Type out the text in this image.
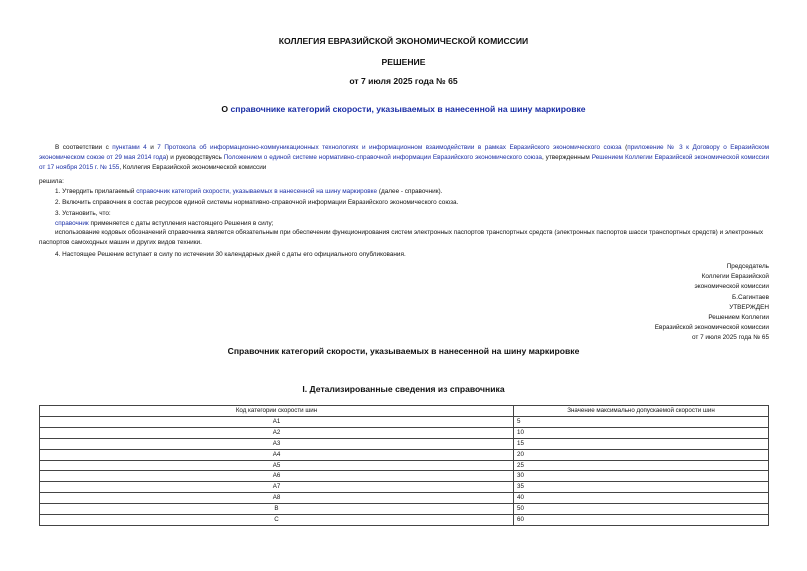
КОЛЛЕГИЯ ЕВРАЗИЙСКОЙ ЭКОНОМИЧЕСКОЙ КОМИССИИ
РЕШЕНИЕ
от 7 июля 2025 года № 65
О справочнике категорий скорости, указываемых в нанесенной на шину маркировке
В соответствии с пунктами 4 и 7 Протокола об информационно-коммуникационных технологиях и информационном взаимодействии в рамках Евразийского экономического союза (приложение № 3 к Договору о Евразийском экономическом союзе от 29 мая 2014 года) и руководствуясь Положением о единой системе нормативно-справочной информации Евразийского экономического союза, утвержденным Решением Коллегии Евразийской экономической комиссии от 17 ноября 2015 г. № 155, Коллегия Евразийской экономической комиссии
решила:
1. Утвердить прилагаемый справочник категорий скорости, указываемых в нанесенной на шину маркировке (далее - справочник).
2. Включить справочник в состав ресурсов единой системы нормативно-справочной информации Евразийского экономического союза.
3. Установить, что:
справочник применяется с даты вступления настоящего Решения в силу;
использование кодовых обозначений справочника является обязательным при обеспечении функционирования систем электронных паспортов транспортных средств (электронных паспортов шасси транспортных средств) и электронных паспортов самоходных машин и других видов техники.
4. Настоящее Решение вступает в силу по истечении 30 календарных дней с даты его официального опубликования.
Председатель
Коллегии Евразийской
экономической комиссии
Б.Сагинтаев
УТВЕРЖДЕН
Решением Коллегии
Евразийской экономической комиссии
от 7 июля 2025 года № 65
Справочник категорий скорости, указываемых в нанесенной на шину маркировке
I. Детализированные сведения из справочника
Код категории скорости шин	Значение максимально допускаемой скорости шин
A1	5
A2	10
A3	15
A4	20
A5	25
A6	30
A7	35
A8	40
B	50
C	60
